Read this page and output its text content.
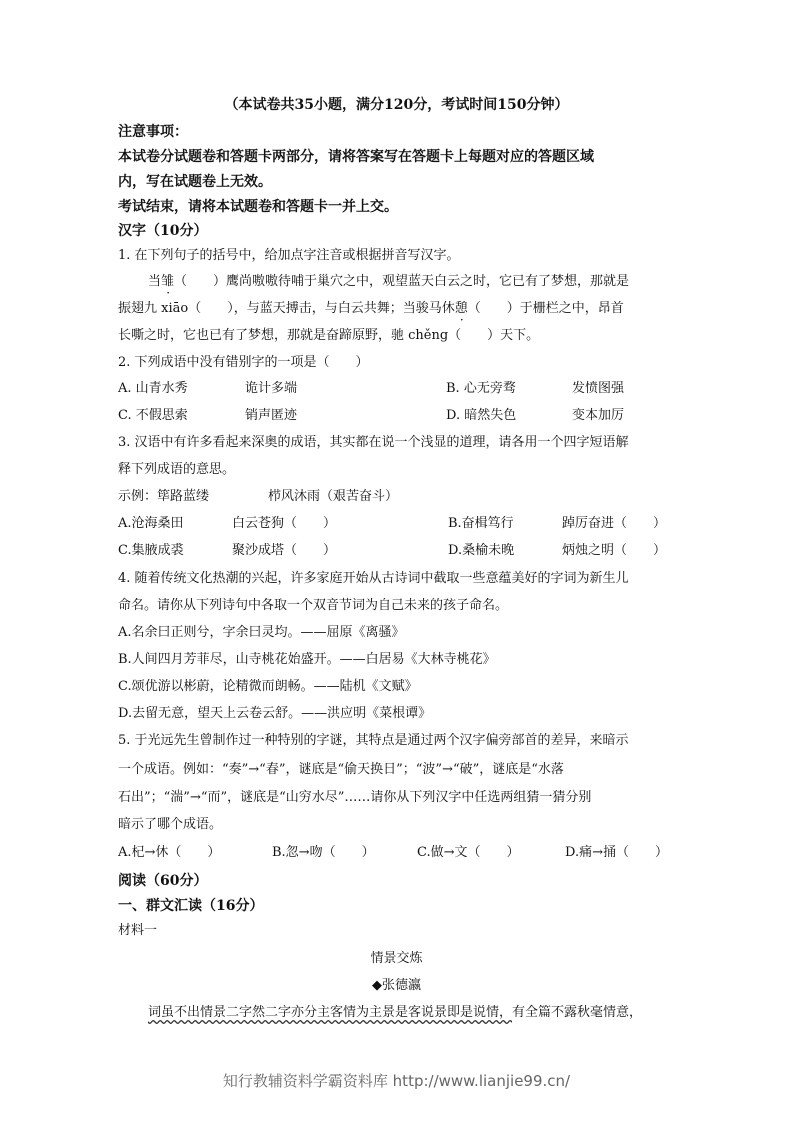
（本试卷共35小题，满分120分，考试时间150分钟）
注意事项：
本试卷分试题卷和答题卡两部分，请将答案写在答题卡上每题对应的答题区域
内，写在试题卷上无效。
考试结束，请将本试题卷和答题卡一并上交。
汉字（10分）
1. 在下列句子的括号中，给加点字注音或根据拼音写汉字。
当雏（　　）鹰尚嗷嗷待哺于巢穴之中，观望蓝天白云之时，它已有了梦想，那就是
振翅九 xiāo（　　），与蓝天搏击，与白云共舞；当骏马休憩（　　）于栅栏之中，昂首
长嘶之时，它也已有了梦想，那就是奋蹄原野，驰 chěng（　　）天下。
2. 下列成语中没有错别字的一项是（　　）
A. 山青水秀	诡计多端	B. 心无旁骛	发愤图强
C. 不假思索	销声匿迹	D. 暗然失色	变本加厉
3. 汉语中有许多看起来深奥的成语，其实都在说一个浅显的道理，请各用一个四字短语解
释下列成语的意思。
示例：筚路蓝缕	栉风沐雨（艰苦奋斗）
A.沧海桑田	白云苍狗（　　）	B.奋楫笃行	踔厉奋进（　　）
C.集腋成裘	聚沙成塔（　　）	D.桑榆未晚	炳烛之明（　　）
4. 随着传统文化热潮的兴起，许多家庭开始从古诗词中截取一些意蕴美好的字词为新生儿
命名。请你从下列诗句中各取一个双音节词为自己未来的孩子命名。
A.名余曰正则兮，字余曰灵均。——屈原《离骚》
B.人间四月芳菲尽，山寺桃花始盛开。——白居易《大林寺桃花》
C.颂优游以彬蔚，论精微而朗畅。——陆机《文赋》
D.去留无意，望天上云卷云舒。——洪应明《菜根谭》
5. 于光远先生曾制作过一种特别的字谜，其特点是通过两个汉字偏旁部首的差异，来暗示
一个成语。例如：“奏”→“春”，谜底是“偷天换日”；“波”→“破”，谜底是“水落
石出”；“湍”→“而”，谜底是“山穷水尽”……请你从下列汉字中任选两组猜一猜分别
暗示了哪个成语。
A.杞→休（　　）	B.忽→吻（　　）	C.做→文（　　）	D.痛→捅（　　）
阅读（60分）
一、群文汇读（16分）
材料一
情景交炼
◆张德瀛
词虽不出情景二字然二字亦分主客情为主景是客说景即是说情，有全篇不露秋毫情意，
知行教辅资料学霸资料库 http://www.lianjie99.cn/
